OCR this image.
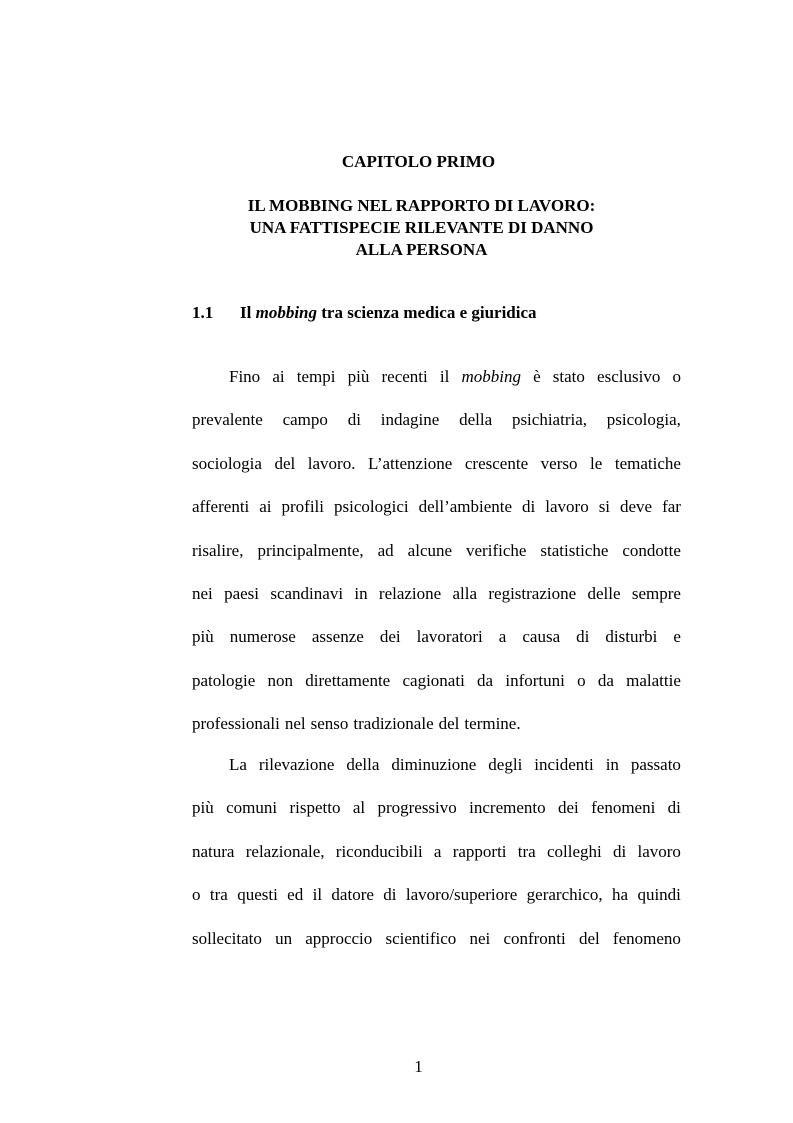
CAPITOLO PRIMO
IL MOBBING NEL RAPPORTO DI LAVORO:
UNA FATTISPECIE RILEVANTE DI DANNO
ALLA PERSONA
1.1 Il mobbing tra scienza medica e giuridica
Fino ai tempi più recenti il mobbing è stato esclusivo o
prevalente campo di indagine della psichiatria, psicologia,
sociologia del lavoro. L’attenzione crescente verso le tematiche
afferenti ai profili psicologici dell’ambiente di lavoro si deve far
risalire, principalmente, ad alcune verifiche statistiche condotte
nei paesi scandinavi in relazione alla registrazione delle sempre
più numerose assenze dei lavoratori a causa di disturbi e
patologie non direttamente cagionati da infortuni o da malattie
professionali nel senso tradizionale del termine.
La rilevazione della diminuzione degli incidenti in passato
più comuni rispetto al progressivo incremento dei fenomeni di
natura relazionale, riconducibili a rapporti tra colleghi di lavoro
o tra questi ed il datore di lavoro/superiore gerarchico, ha quindi
sollecitato un approccio scientifico nei confronti del fenomeno
1
